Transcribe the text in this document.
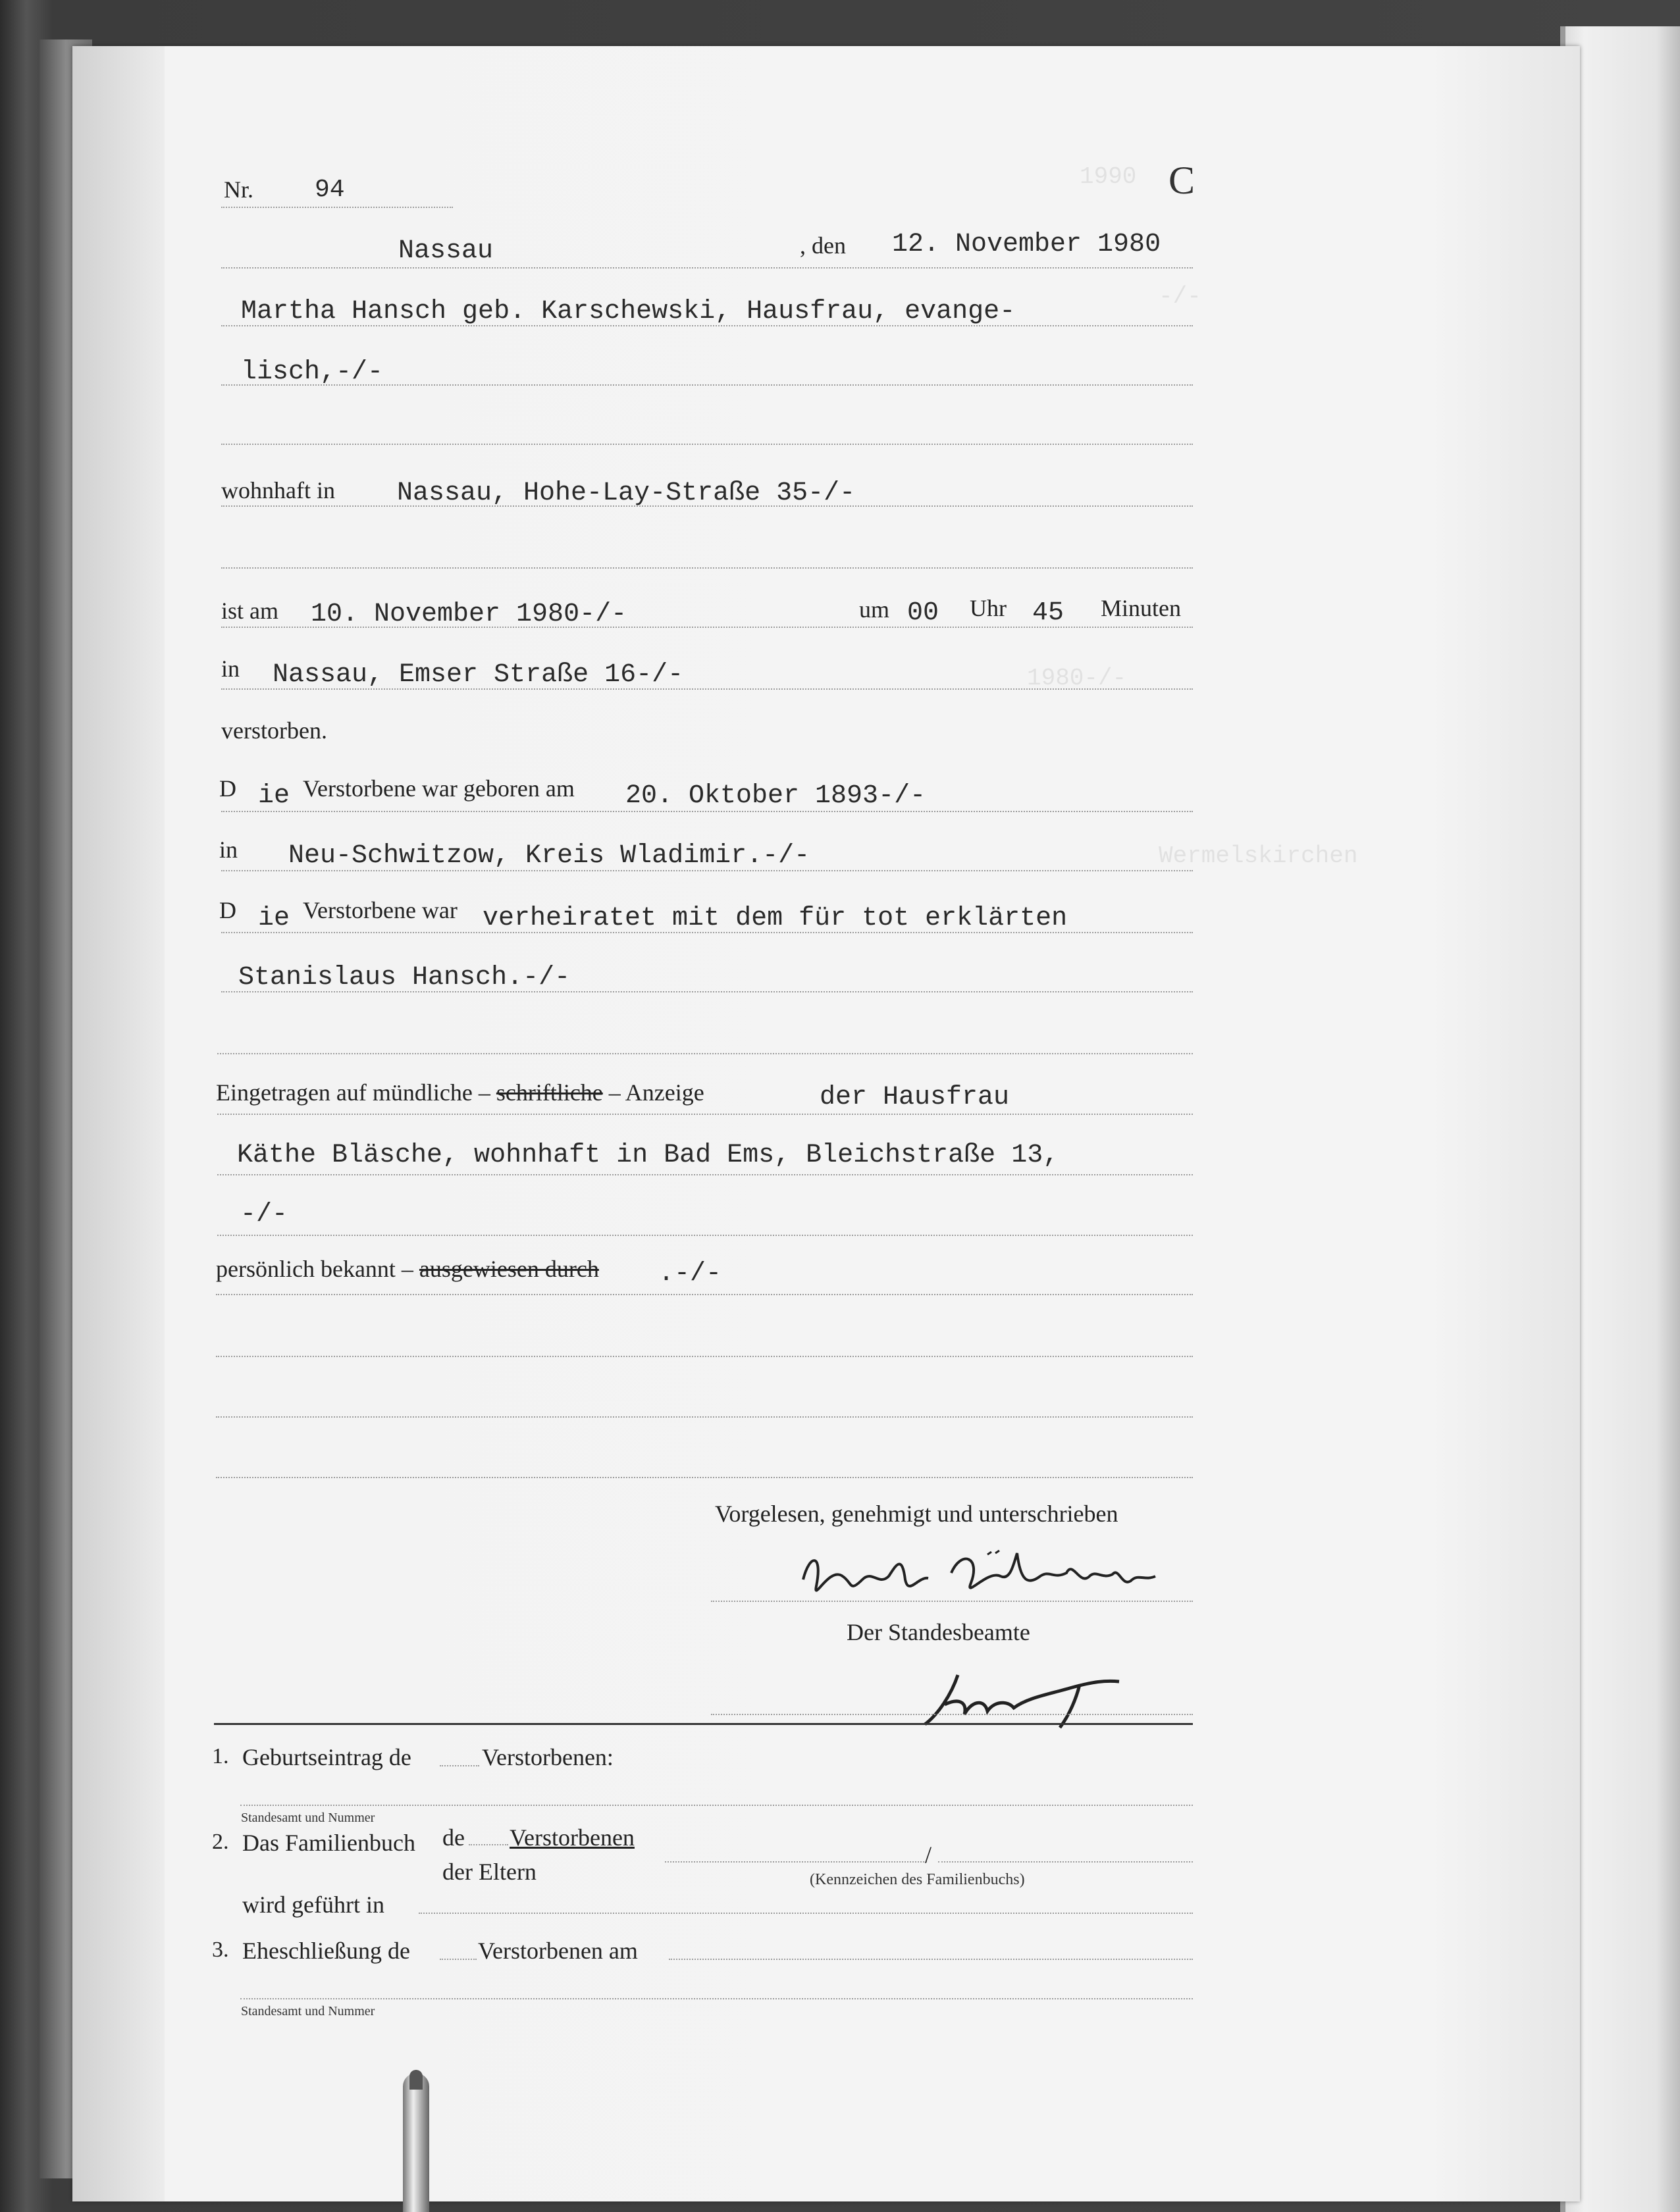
1990
-/-
1980-/-
Wermelskirchen
Nr. 94	C
Nassau	, den 12. November 1980
Martha Hansch geb. Karschewski, Hausfrau, evange-
lisch,-/-
wohnhaft in Nassau, Hohe-Lay-Straße 35-/-
ist am 10. November 1980-/-	um 00 Uhr 45 Minuten
in Nassau, Emser Straße 16-/-
verstorben.
D ie Verstorbene war geboren am 20. Oktober 1893-/-
in Neu-Schwitzow, Kreis Wladimir.-/-
D ie Verstorbene war verheiratet mit dem für tot erklärten
Stanislaus Hansch.-/-
Eingetragen auf mündliche – schriftliche – Anzeige	der Hausfrau
Käthe Bläsche, wohnhaft in Bad Ems, Bleichstraße 13,
-/-
persönlich bekannt – ausgewiesen durch .-/-
Vorgelesen, genehmigt und unterschrieben
Der Standesbeamte
1. Geburtseintrag de	Verstorbenen:
Standesamt und Nummer
2. Das Familienbuch de Verstorbenen
der Eltern
/
(Kennzeichen des Familienbuchs)
wird geführt in
3. Eheschließung de	Verstorbenen am
Standesamt und Nummer
